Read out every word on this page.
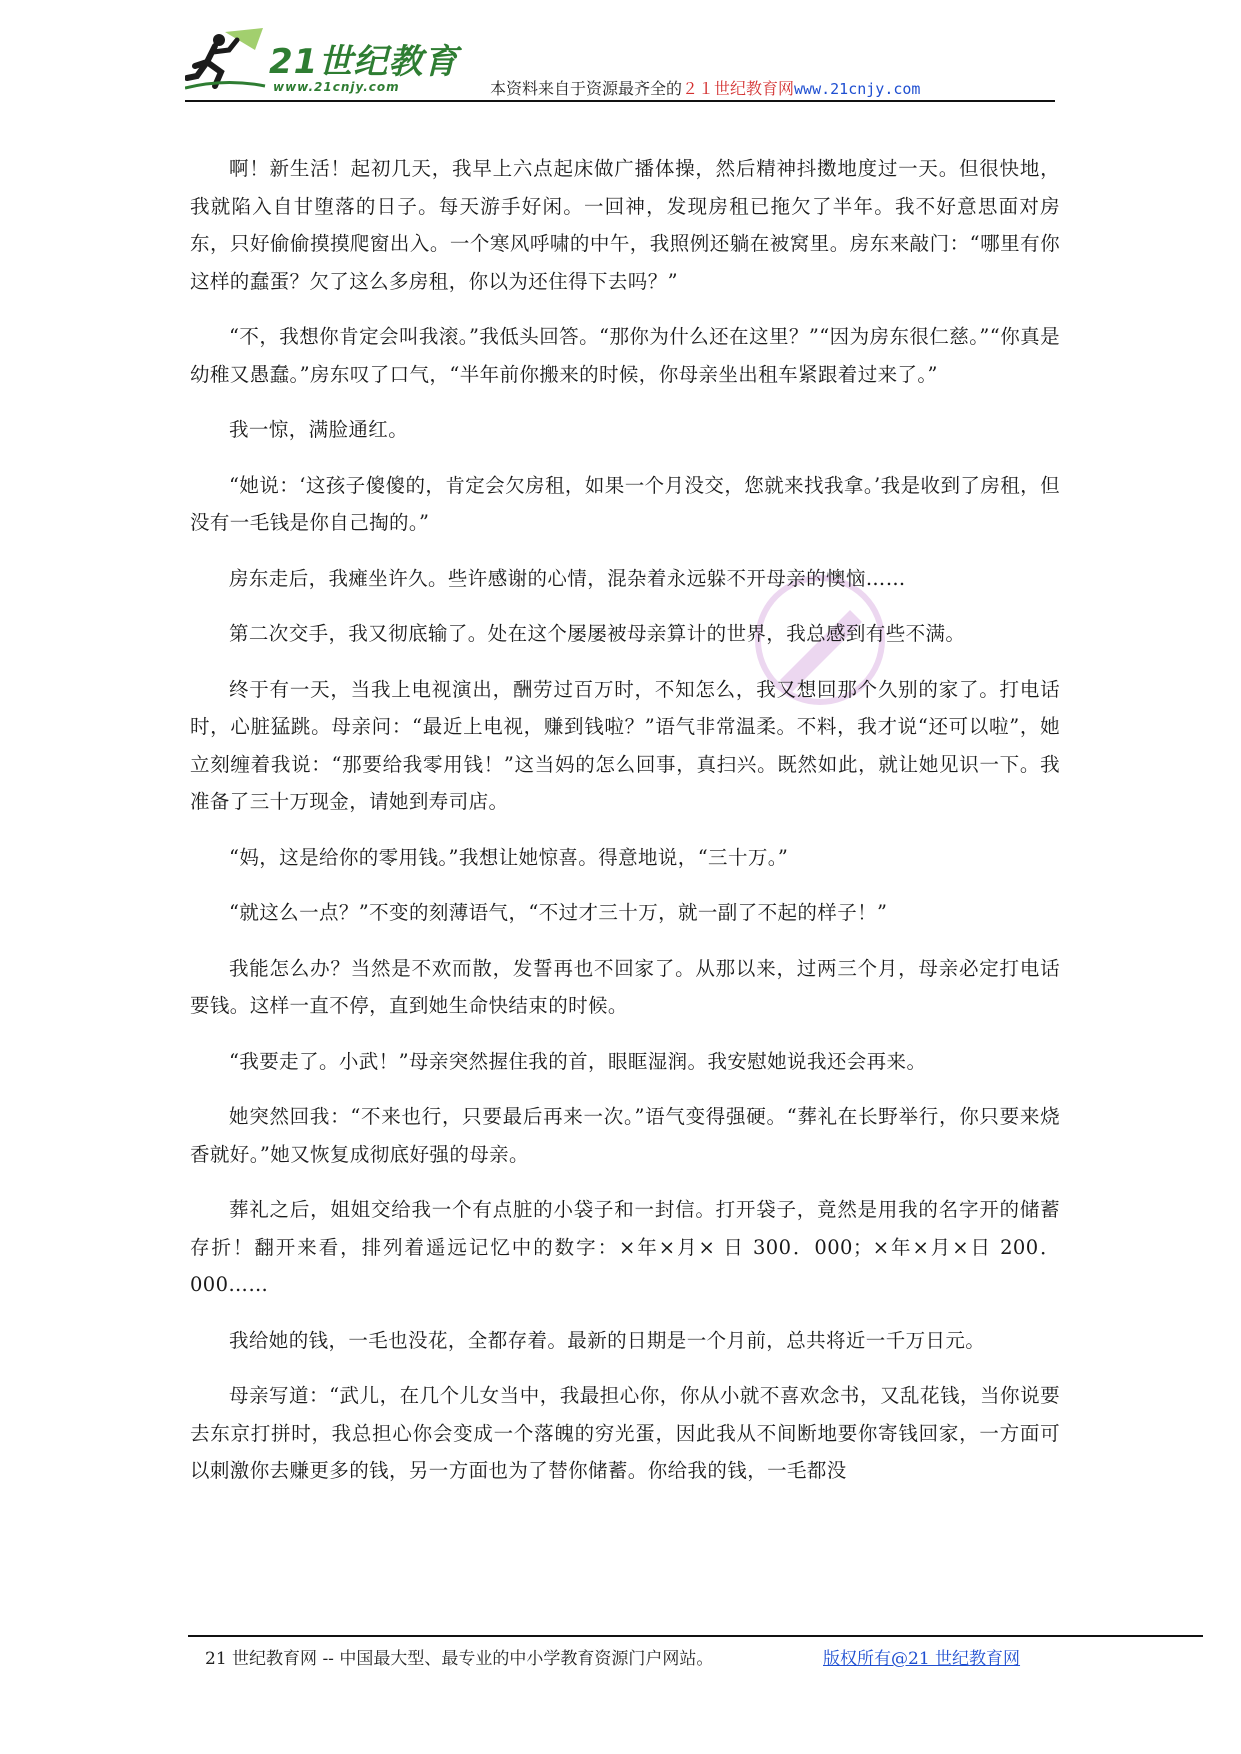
21世纪教育
www.21cnjy.com	本资料来自于资源最齐全的２１世纪教育网www.21cnjy.com

啊！新生活！起初几天，我早上六点起床做广播体操，然后精神抖擞地度过一天。但很快地，我就陷入自甘堕落的日子。每天游手好闲。一回神，发现房租已拖欠了半年。我不好意思面对房东，只好偷偷摸摸爬窗出入。一个寒风呼啸的中午，我照例还躺在被窝里。房东来敲门：“哪里有你这样的蠢蛋？欠了这么多房租，你以为还住得下去吗？”

“不，我想你肯定会叫我滚。”我低头回答。“那你为什么还在这里？”“因为房东很仁慈。”“你真是幼稚又愚蠢。”房东叹了口气，“半年前你搬来的时候，你母亲坐出租车紧跟着过来了。”

我一惊，满脸通红。

“她说：‘这孩子傻傻的，肯定会欠房租，如果一个月没交，您就来找我拿。’我是收到了房租，但没有一毛钱是你自己掏的。”

房东走后，我瘫坐许久。些许感谢的心情，混杂着永远躲不开母亲的懊恼……

第二次交手，我又彻底输了。处在这个屡屡被母亲算计的世界，我总感到有些不满。

终于有一天，当我上电视演出，酬劳过百万时，不知怎么，我又想回那个久别的家了。打电话时，心脏猛跳。母亲问：“最近上电视，赚到钱啦？”语气非常温柔。不料，我才说“还可以啦”，她立刻缠着我说：“那要给我零用钱！”这当妈的怎么回事，真扫兴。既然如此，就让她见识一下。我准备了三十万现金，请她到寿司店。

“妈，这是给你的零用钱。”我想让她惊喜。得意地说，“三十万。”

“就这么一点？”不变的刻薄语气，“不过才三十万，就一副了不起的样子！”

我能怎么办？当然是不欢而散，发誓再也不回家了。从那以来，过两三个月，母亲必定打电话要钱。这样一直不停，直到她生命快结束的时候。

“我要走了。小武！”母亲突然握住我的首，眼眶湿润。我安慰她说我还会再来。

她突然回我：“不来也行，只要最后再来一次。”语气变得强硬。“葬礼在长野举行，你只要来烧香就好。”她又恢复成彻底好强的母亲。

葬礼之后，姐姐交给我一个有点脏的小袋子和一封信。打开袋子，竟然是用我的名字开的储蓄存折！翻开来看，排列着遥远记忆中的数字：×年×月× 日 300．000；×年×月×日 200．000……

我给她的钱，一毛也没花，全都存着。最新的日期是一个月前，总共将近一千万日元。

母亲写道：“武儿，在几个儿女当中，我最担心你，你从小就不喜欢念书，又乱花钱，当你说要去东京打拼时，我总担心你会变成一个落魄的穷光蛋，因此我从不间断地要你寄钱回家，一方面可以刺激你去赚更多的钱，另一方面也为了替你储蓄。你给我的钱，一毛都没

21 世纪教育网 -- 中国最大型、最专业的中小学教育资源门户网站。	版权所有@21 世纪教育网
